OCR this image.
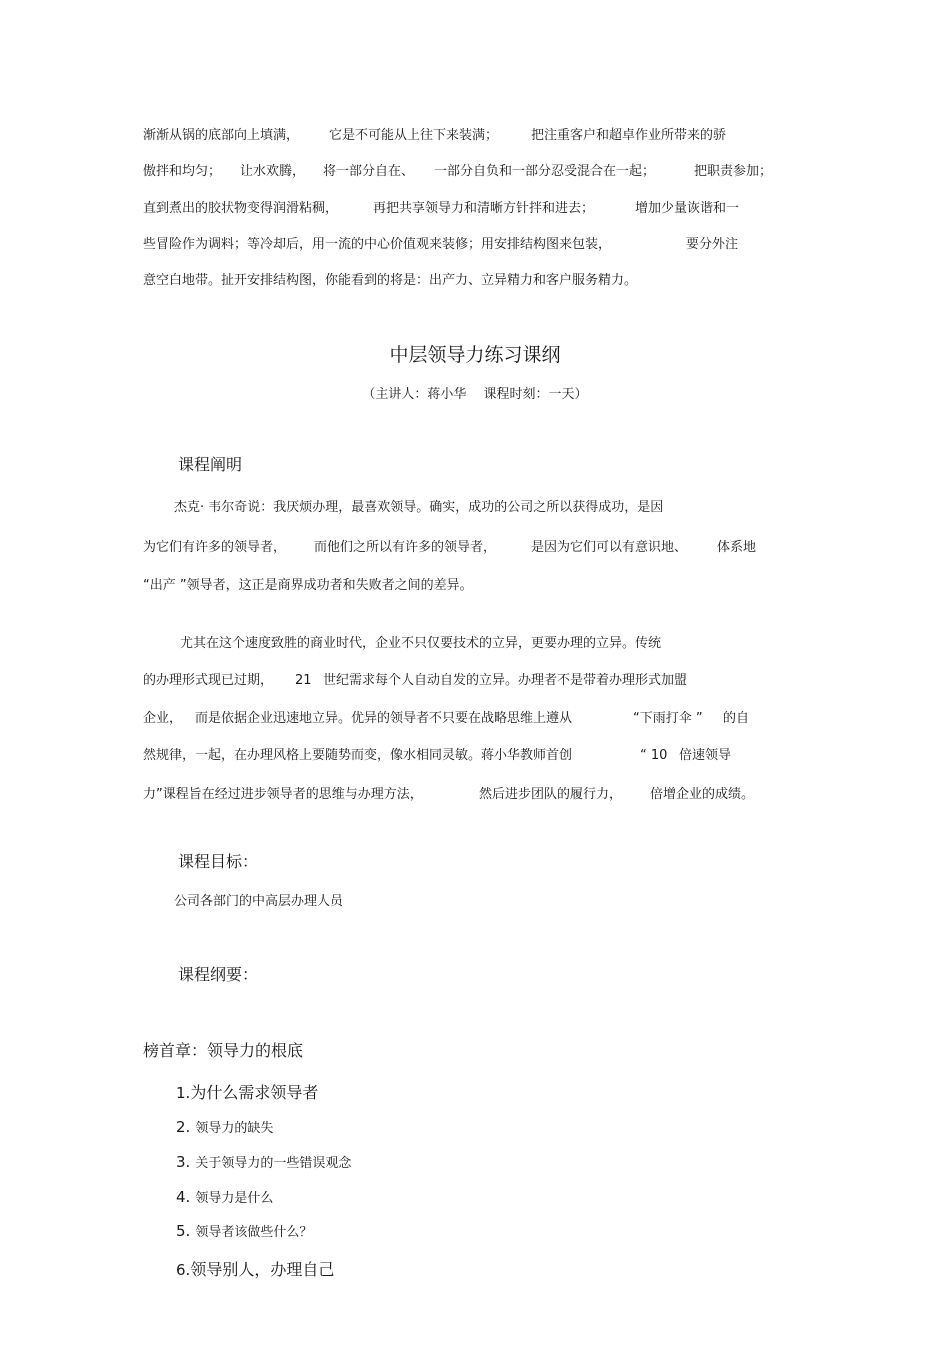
渐渐从锅的底部向上填满， 它是不可能从上往下来装满；	把注重客户和超卓作业所带来的骄
傲拌和均匀； 让水欢腾， 将一部分自在、 一部分自负和一部分忍受混合在一起；	把职责参加；
直到煮出的胶状物变得润滑粘稠，	再把共享领导力和清晰方针拌和进去；	增加少量诙谐和一
些冒险作为调料；等冷却后，用一流的中心价值观来装修；用安排结构图来包装，	要分外注
意空白地带。扯开安排结构图，你能看到的将是：出产力、立异精力和客户服务精力。
中层领导力练习课纲
（主讲人：蒋小华　 课程时刻：一天）
课程阐明
杰克· 韦尔奇说：我厌烦办理，最喜欢领导。确实，成功的公司之所以获得成功，是因
为它们有许多的领导者， 而他们之所以有许多的领导者，	是因为它们可以有意识地、 体系地
“出产 ”领导者，这正是商界成功者和失败者之间的差异。
尤其在这个速度致胜的商业时代，企业不只仅要技术的立异，更要办理的立异。传统
的办理形式现已过期， 21 世纪需求每个人自动自发的立异。办理者不是带着办理形式加盟
企业， 而是依据企业迅速地立异。优异的领导者不只要在战略思维上遵从	“下雨打伞 ” 的自
然规律，一起，在办理风格上要随势而变，像水相同灵敏。蒋小华教师首创	“ 10 倍速领导
力”课程旨在经过进步领导者的思维与办理方法，	然后进步团队的履行力， 倍增企业的成绩。
课程目标：
公司各部门的中高层办理人员
课程纲要：
榜首章：领导力的根底
1.为什么需求领导者
2. 领导力的缺失
3. 关于领导力的一些错误观念
4. 领导力是什么
5. 领导者该做些什么？
6.领导别人，办理自己
